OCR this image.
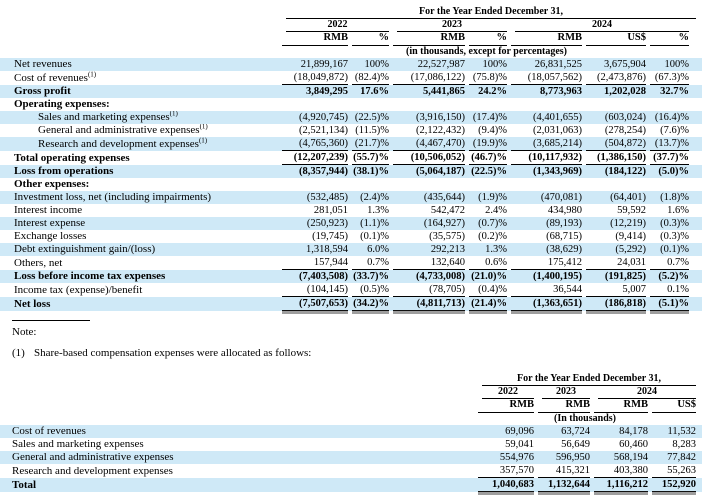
	For the Year Ended December 31,							

	2022		2023		2024			

	RMB	%	RMB	%	RMB	US$	%	

	(in thousands, except for percentages)							

Net revenues	21,899,167	100%	22,527,987	100%	26,831,525	3,675,904	100%	

Cost of revenues$^{(1)}$	(18,049,872)	(82.4)%	(17,086,122)	(75.8)%	(18,057,562)	(2,473,876)	(67.3)%	

Gross profit	3,849,295	17.6%	5,441,865	24.2%	8,773,963	1,202,028	32.7%	

Operating expenses:	

Sales and marketing expenses$^{(1)}$	(4,920,745)	(22.5)%	(3,916,150)	(17.4)%	(4,401,655)	(603,024)	(16.4)%	

General and administrative expenses$^{(1)}$	(2,521,134)	(11.5)%	(2,122,432)	(9.4)%	(2,031,063)	(278,254)	(7.6)%	

Research and development expenses$^{(1)}$	(4,765,360)	(21.7)%	(4,467,470)	(19.9)%	(3,685,214)	(504,872)	(13.7)%	

Total operating expenses	(12,207,239)	(55.7)%	(10,506,052)	(46.7)%	(10,117,932)	(1,386,150)	(37.7)%	

Loss from operations	(8,357,944)	(38.1)%	(5,064,187)	(22.5)%	(1,343,969)	(184,122)	(5.0)%	

Other expenses:	

Investment loss, net (including impairments)	(532,485)	(2.4)%	(435,644)	(1.9)%	(470,081)	(64,401)	(1.8)%	

Interest income	281,051	1.3%	542,472	2.4%	434,980	59,592	1.6%	

Interest expense	(250,923)	(1.1)%	(164,927)	(0.7)%	(89,193)	(12,219)	(0.3)%	

Exchange losses	(19,745)	(0.1)%	(35,575)	(0.2)%	(68,715)	(9,414)	(0.3)%	

Debt extinguishment gain/(loss)	1,318,594	6.0%	292,213	1.3%	(38,629)	(5,292)	(0.1)%	

Others, net	157,944	0.7%	132,640	0.6%	175,412	24,031	0.7%	

Loss before income tax expenses	(7,403,508)	(33.7)%	(4,733,008)	(21.0)%	(1,400,195)	(191,825)	(5.2)%	

Income tax (expense)/benefit	(104,145)	(0.5)%	(78,705)	(0.4)%	36,544	5,007	0.1%	

Net loss	(7,507,653)	(34.2)%	(4,811,713)	(21.4)%	(1,363,651)	(186,818)	(5.1)%	

Note:
(1) Share-based compensation expenses were allocated as follows:

	For the Year Ended December 31,				

	2022	2023	2024		

	RMB	RMB	RMB	US$	

	(In thousands)				

Cost of revenues	69,096	63,724	84,178	11,532	

Sales and marketing expenses	59,041	56,649	60,460	8,283	

General and administrative expenses	554,976	596,950	568,194	77,842	

Research and development expenses	357,570	415,321	403,380	55,263	

Total	1,040,683	1,132,644	1,116,212	152,920	
